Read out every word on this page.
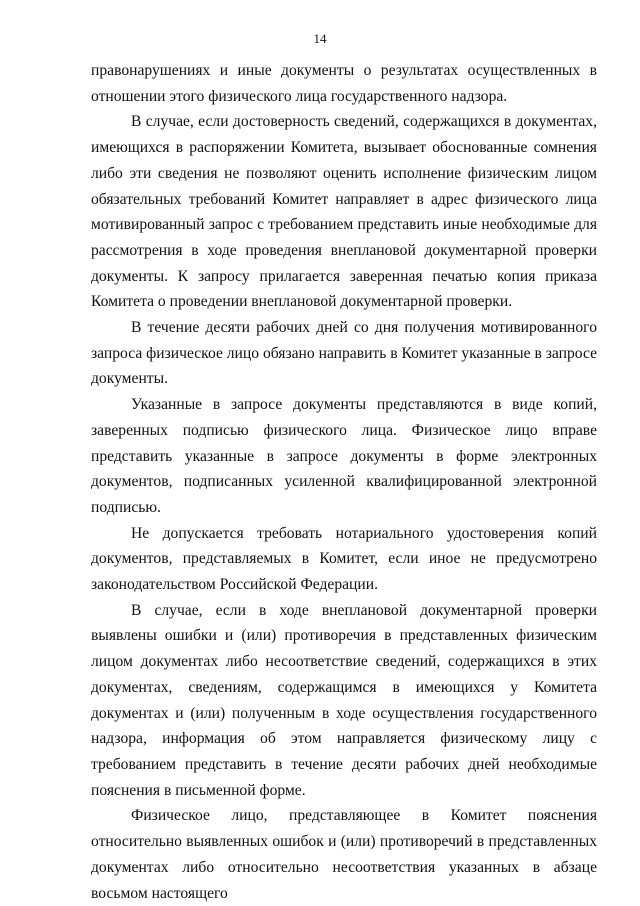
14

правонарушениях и иные документы о результатах осуществленных в отношении этого физического лица государственного надзора.

В случае, если достоверность сведений, содержащихся в документах, имеющихся в распоряжении Комитета, вызывает обоснованные сомнения либо эти сведения не позволяют оценить исполнение физическим лицом обязательных требований Комитет направляет в адрес физического лица мотивированный запрос с требованием представить иные необходимые для рассмотрения в ходе проведения внеплановой документарной проверки документы. К запросу прилагается заверенная печатью копия приказа Комитета о проведении внеплановой документарной проверки.

В течение десяти рабочих дней со дня получения мотивированного запроса физическое лицо обязано направить в Комитет указанные в запросе документы.

Указанные в запросе документы представляются в виде копий, заверенных подписью физического лица. Физическое лицо вправе представить указанные в запросе документы в форме электронных документов, подписанных усиленной квалифицированной электронной подписью.

Не допускается требовать нотариального удостоверения копий документов, представляемых в Комитет, если иное не предусмотрено законодательством Российской Федерации.

В случае, если в ходе внеплановой документарной проверки выявлены ошибки и (или) противоречия в представленных физическим лицом документах либо несоответствие сведений, содержащихся в этих документах, сведениям, содержащимся в имеющихся у Комитета документах и (или) полученным в ходе осуществления государственного надзора, информация об этом направляется физическому лицу с требованием представить в течение десяти рабочих дней необходимые пояснения в письменной форме.

Физическое лицо, представляющее в Комитет пояснения относительно выявленных ошибок и (или) противоречий в представленных документах либо относительно несоответствия указанных в абзаце восьмом настоящего
